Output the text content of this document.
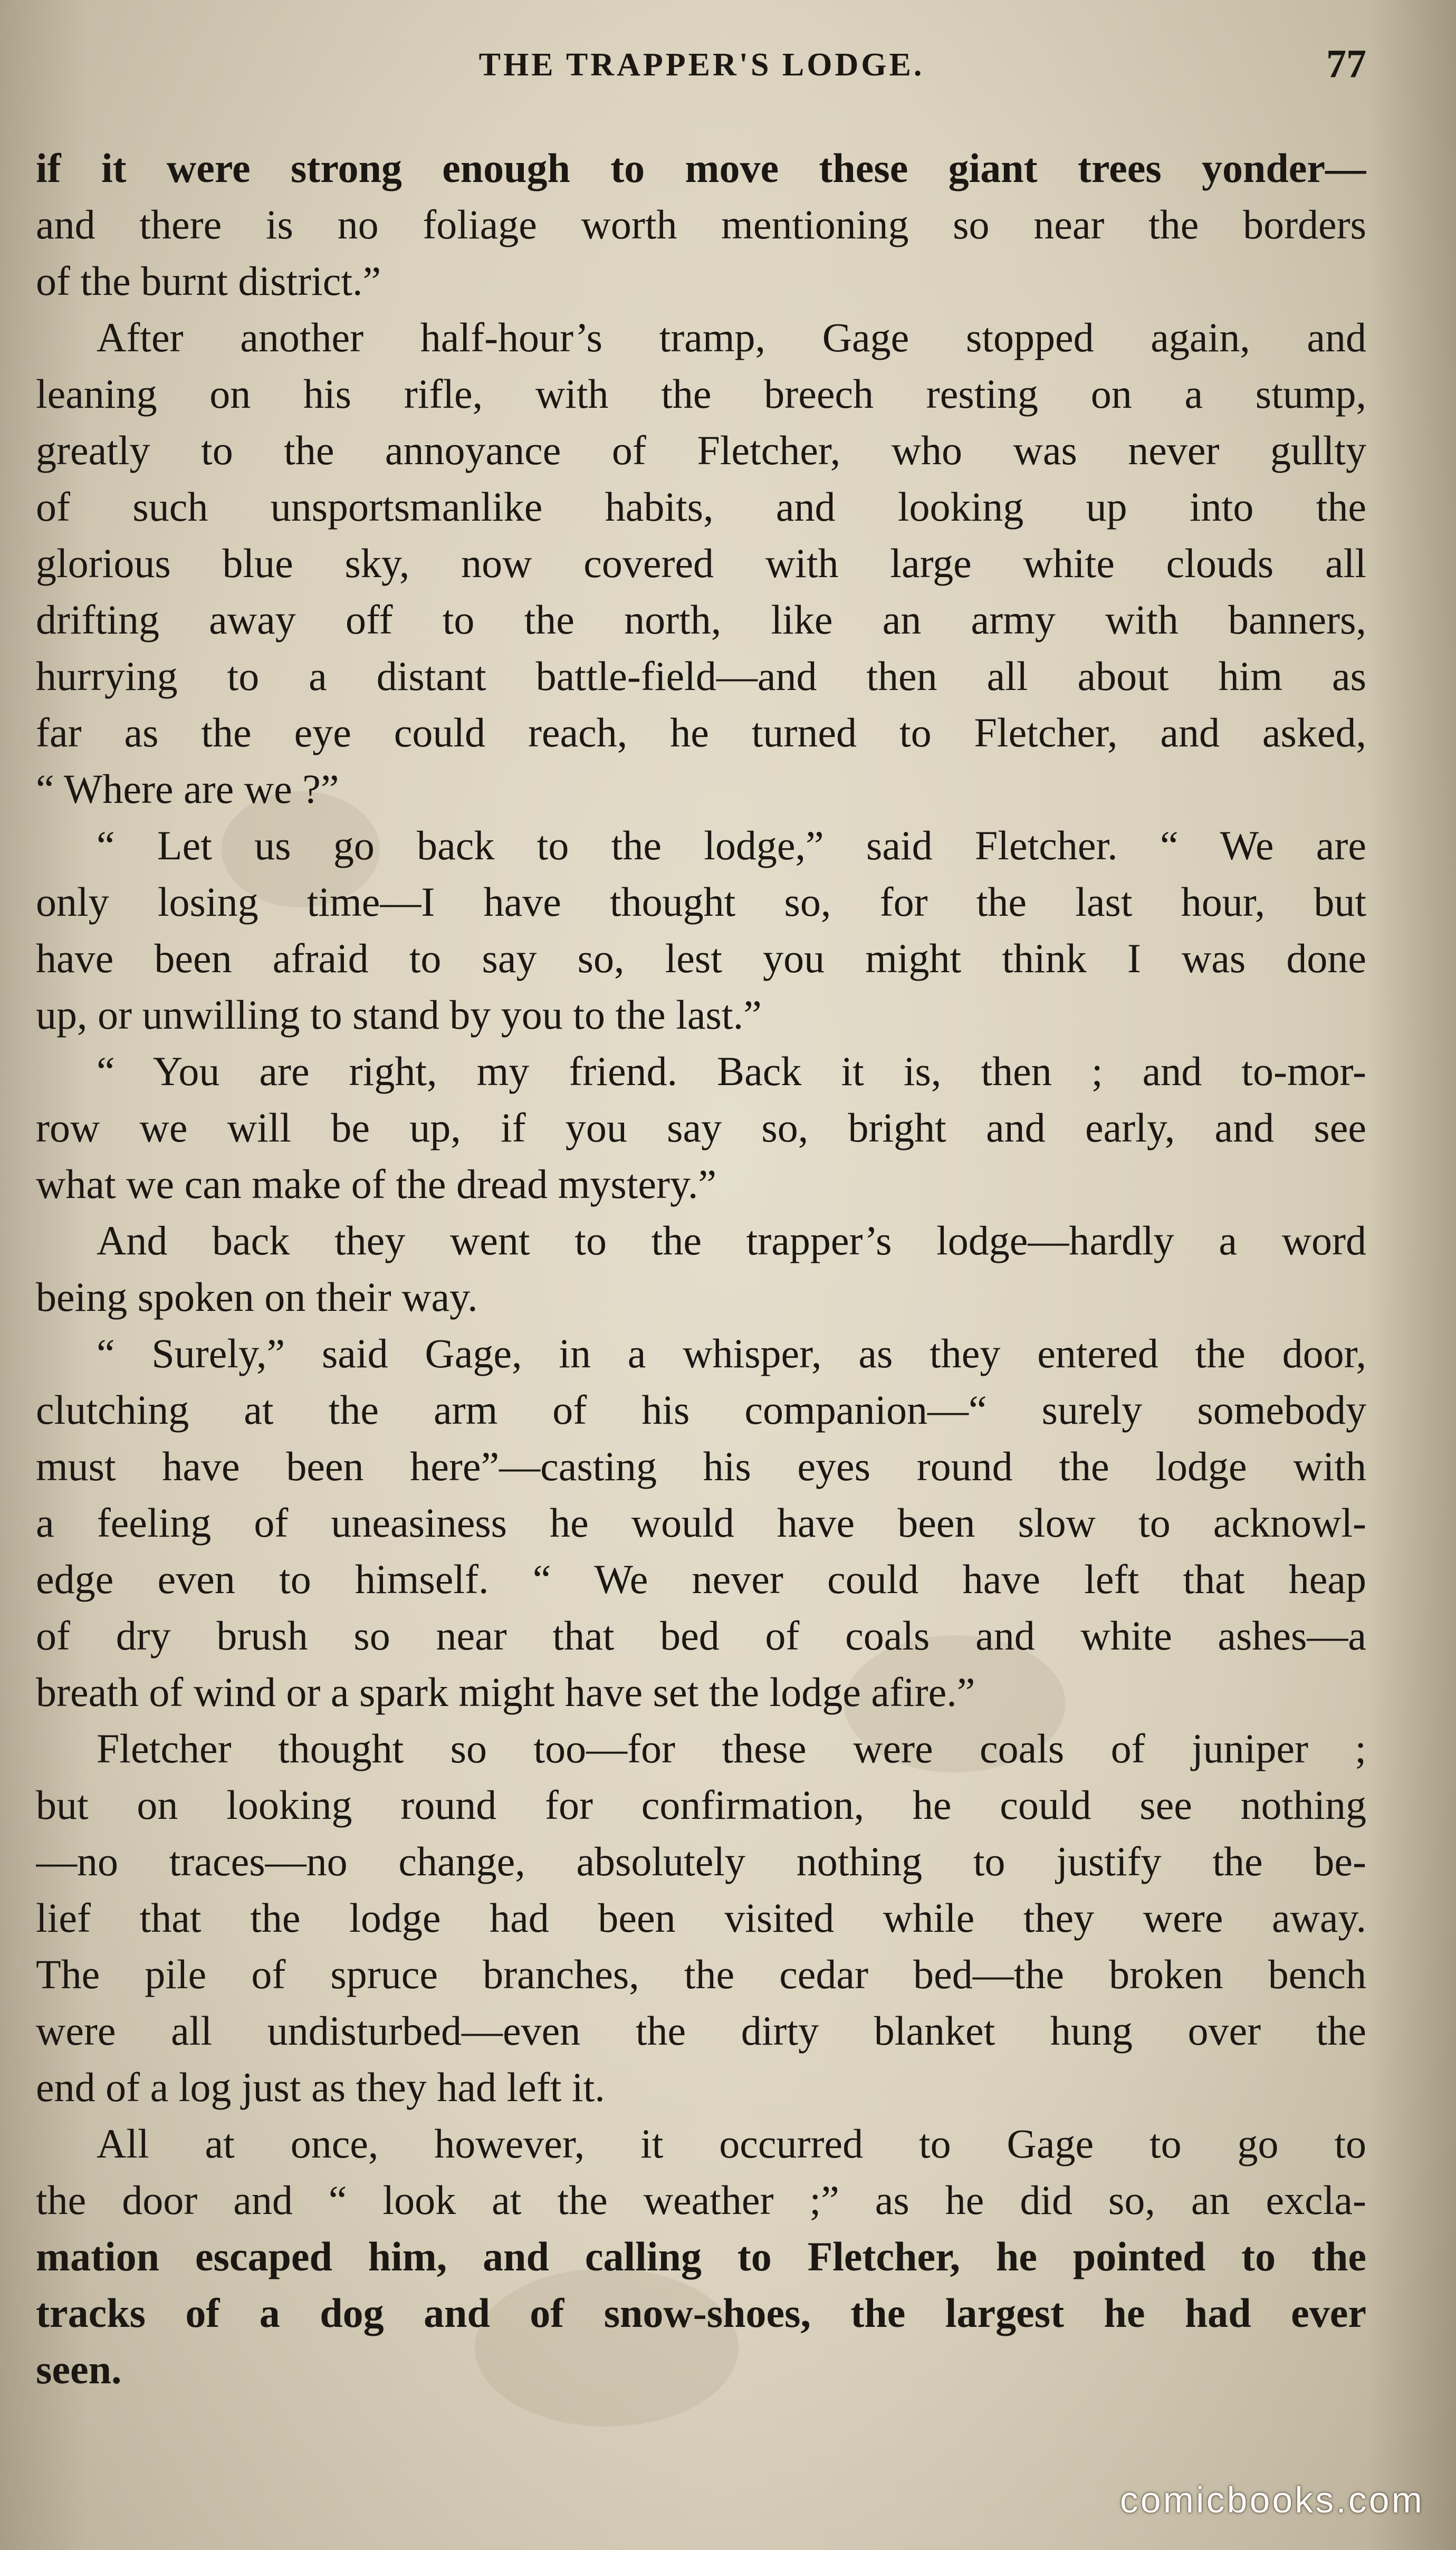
THE TRAPPER'S LODGE.	77
if it were strong enough to move these giant trees yonder—
and there is no foliage worth mentioning so near the borders
of the burnt district.”
After another half-hour’s tramp, Gage stopped again, and
leaning on his rifle, with the breech resting on a stump,
greatly to the annoyance of Fletcher, who was never gullty
of such unsportsmanlike habits, and looking up into the
glorious blue sky, now covered with large white clouds all
drifting away off to the north, like an army with banners,
hurrying to a distant battle-field—and then all about him as
far as the eye could reach, he turned to Fletcher, and asked,
“ Where are we ?”
“ Let us go back to the lodge,” said Fletcher. “ We are
only losing time—I have thought so, for the last hour, but
have been afraid to say so, lest you might think I was done
up, or unwilling to stand by you to the last.”
“ You are right, my friend. Back it is, then ; and to-mor-
row we will be up, if you say so, bright and early, and see
what we can make of the dread mystery.”
And back they went to the trapper’s lodge—hardly a word
being spoken on their way.
“ Surely,” said Gage, in a whisper, as they entered the door,
clutching at the arm of his companion—“ surely somebody
must have been here”—casting his eyes round the lodge with
a feeling of uneasiness he would have been slow to acknowl-
edge even to himself. “ We never could have left that heap
of dry brush so near that bed of coals and white ashes—a
breath of wind or a spark might have set the lodge afire.”
Fletcher thought so too—for these were coals of juniper ;
but on looking round for confirmation, he could see nothing
—no traces—no change, absolutely nothing to justify the be-
lief that the lodge had been visited while they were away.
The pile of spruce branches, the cedar bed—the broken bench
were all undisturbed—even the dirty blanket hung over the
end of a log just as they had left it.
All at once, however, it occurred to Gage to go to
the door and “ look at the weather ;” as he did so, an excla-
mation escaped him, and calling to Fletcher, he pointed to the
tracks of a dog and of snow-shoes, the largest he had ever
seen.
comicbooks.com
